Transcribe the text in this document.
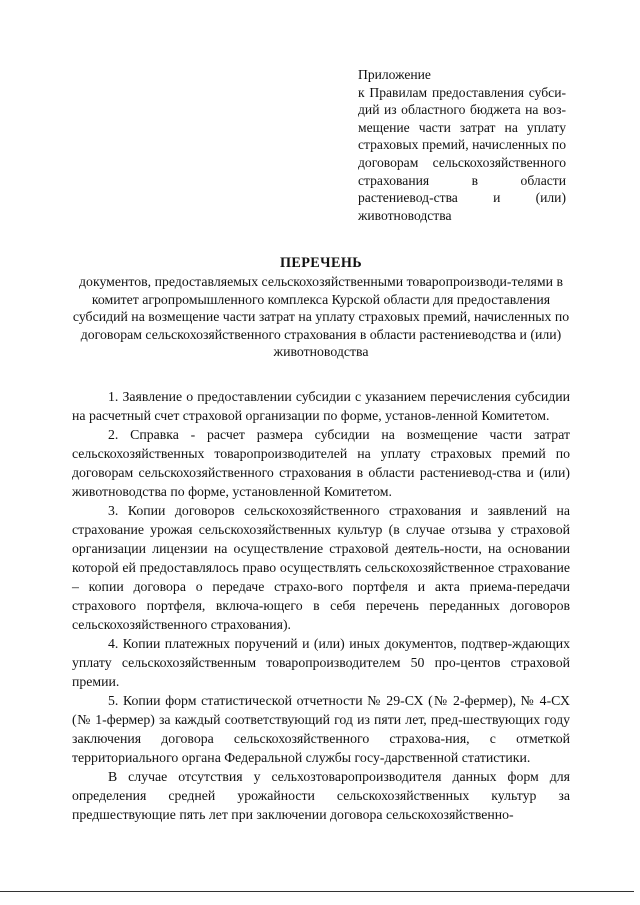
Приложение

к Правилам предоставления субси-дий из областного бюджета на воз-мещение части затрат на уплату страховых премий, начисленных по договорам сельскохозяйственного страхования в области растениевод-ства и (или) животноводства

ПЕРЕЧЕНЬ

документов, предоставляемых сельскохозяйственными товаропроизводи-телями в комитет агропромышленного комплекса Курской области для предоставления субсидий на возмещение части затрат на уплату страховых премий, начисленных по договорам сельскохозяйственного страхования в области растениеводства и (или) животноводства

1. Заявление о предоставлении субсидии с указанием перечисления субсидии на расчетный счет страховой организации по форме, установ-ленной Комитетом.

2. Справка - расчет размера субсидии на возмещение части затрат сельскохозяйственных товаропроизводителей на уплату страховых премий по договорам сельскохозяйственного страхования в области растениевод-ства и (или) животноводства по форме, установленной Комитетом.

3. Копии договоров сельскохозяйственного страхования и заявлений на страхование урожая сельскохозяйственных культур (в случае отзыва у страховой организации лицензии на осуществление страховой деятель-ности, на основании которой ей предоставлялось право осуществлять сельскохозяйственное страхование – копии договора о передаче страхо-вого портфеля и акта приема-передачи страхового портфеля, включа-ющего в себя перечень переданных договоров сельскохозяйственного страхования).

4. Копии платежных поручений и (или) иных документов, подтвер-ждающих уплату сельскохозяйственным товаропроизводителем 50 про-центов страховой премии.

5. Копии форм статистической отчетности № 29-СХ (№ 2-фермер), № 4-СХ (№ 1-фермер) за каждый соответствующий год из пяти лет, пред-шествующих году заключения договора сельскохозяйственного страхова-ния, с отметкой территориального органа Федеральной службы госу-дарственной статистики.

В случае отсутствия у сельхозтоваропроизводителя данных форм для определения средней урожайности сельскохозяйственных культур за предшествующие пять лет при заключении договора сельскохозяйственно-
